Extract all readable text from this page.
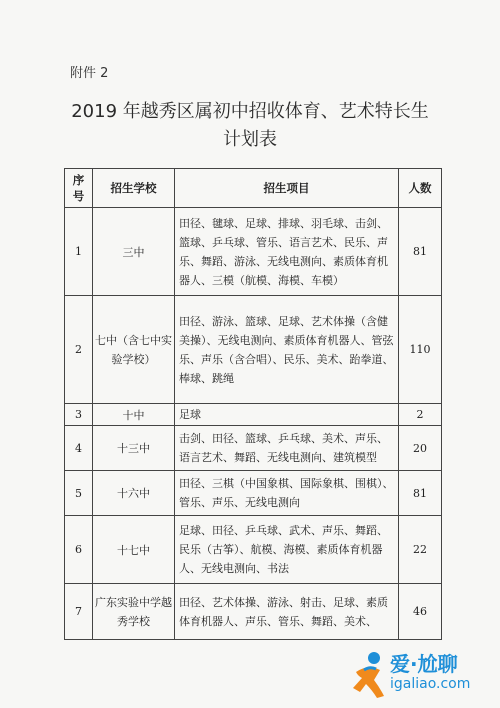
附件 2
2019 年越秀区属初中招收体育、艺术特长生
计划表
序号	招生学校	招生项目	人数
1	三中	田径、毽球、足球、排球、羽毛球、击剑、篮球、乒乓球、管乐、语言艺术、民乐、声乐、舞蹈、游泳、无线电测向、素质体育机器人、三模（航模、海模、车模）	81
2	七中（含七中实验学校）	田径、游泳、篮球、足球、艺术体操（含健美操）、无线电测向、素质体育机器人、管弦乐、声乐（含合唱）、民乐、美术、跆拳道、棒球、跳绳	110
3	十中	足球	2
4	十三中	击剑、田径、篮球、乒乓球、美术、声乐、语言艺术、舞蹈、无线电测向、建筑模型	20
5	十六中	田径、三棋（中国象棋、国际象棋、围棋）、管乐、声乐、无线电测向	81
6	十七中	足球、田径、乒乓球、武术、声乐、舞蹈、民乐（古筝）、航模、海模、素质体育机器人、无线电测向、书法	22
7	广东实验中学越秀学校	田径、艺术体操、游泳、射击、足球、素质体育机器人、声乐、管乐、舞蹈、美术、	46
爱·尬聊
igaliao.com
